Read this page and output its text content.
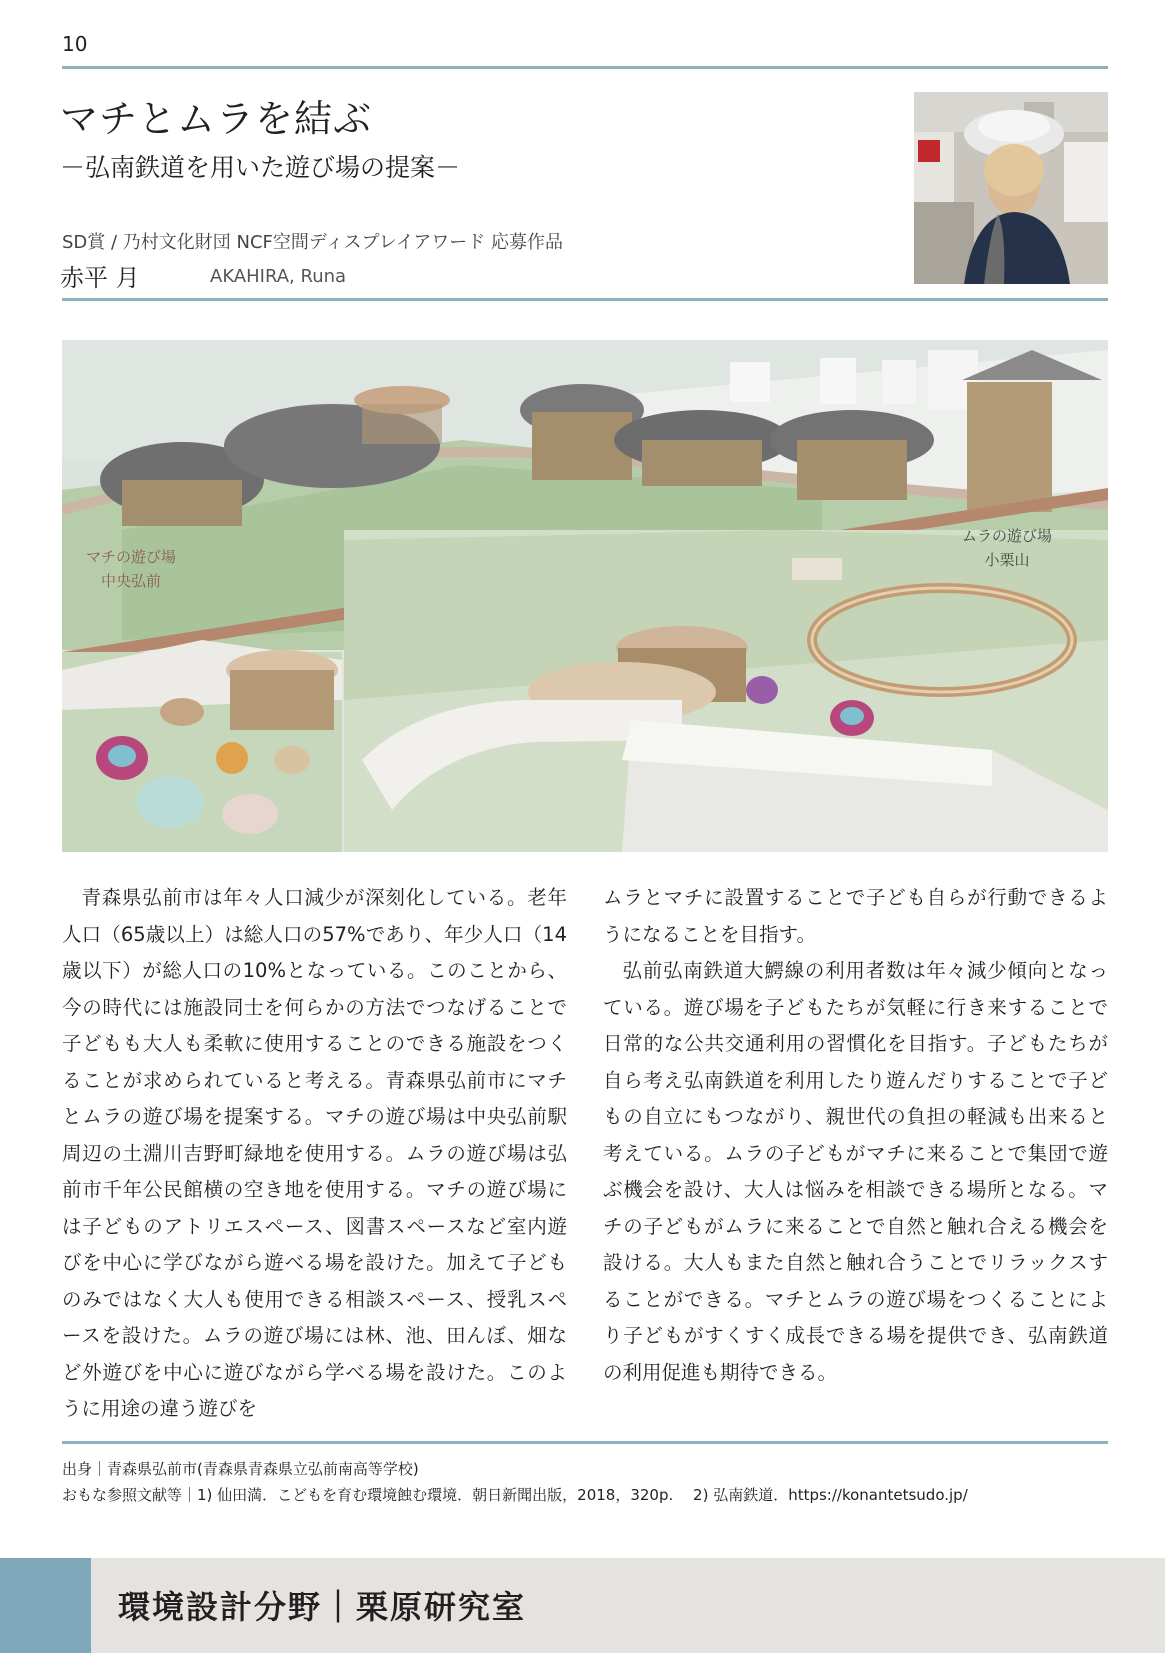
10
マチとムラを結ぶ
－弘南鉄道を用いた遊び場の提案－
SD賞 / 乃村文化財団 NCF空間ディスプレイアワード 応募作品
赤平 月	AKAHIRA, Runa
マチの遊び場
中央弘前
ムラの遊び場
小栗山

青森県弘前市は年々人口減少が深刻化している。老年人口（65歳以上）は総人口の57%であり、年少人口（14歳以下）が総人口の10%となっている。このことから、今の時代には施設同士を何らかの方法でつなげることで子どもも大人も柔軟に使用することのできる施設をつくることが求められていると考える。青森県弘前市にマチとムラの遊び場を提案する。マチの遊び場は中央弘前駅周辺の土淵川吉野町緑地を使用する。ムラの遊び場は弘前市千年公民館横の空き地を使用する。マチの遊び場には子どものアトリエスペース、図書スペースなど室内遊びを中心に学びながら遊べる場を設けた。加えて子どものみではなく大人も使用できる相談スペース、授乳スペースを設けた。ムラの遊び場には林、池、田んぼ、畑など外遊びを中心に遊びながら学べる場を設けた。このように用途の違う遊びを

ムラとマチに設置することで子ども自らが行動できるようになることを目指す。

弘前弘南鉄道大鰐線の利用者数は年々減少傾向となっている。遊び場を子どもたちが気軽に行き来することで日常的な公共交通利用の習慣化を目指す。子どもたちが自ら考え弘南鉄道を利用したり遊んだりすることで子どもの自立にもつながり、親世代の負担の軽減も出来ると考えている。ムラの子どもがマチに来ることで集団で遊ぶ機会を設け、大人は悩みを相談できる場所となる。マチの子どもがムラに来ることで自然と触れ合える機会を設ける。大人もまた自然と触れ合うことでリラックスすることができる。マチとムラの遊び場をつくることにより子どもがすくすく成長できる場を提供でき、弘南鉄道の利用促進も期待できる。

出身｜青森県弘前市(青森県青森県立弘前南高等学校)
おもな参照文献等｜1) 仙田満．こどもを育む環境蝕む環境．朝日新聞出版，2018，320p.　 2) 弘南鉄道．https://konantetsudo.jp/
環境設計分野｜栗原研究室
